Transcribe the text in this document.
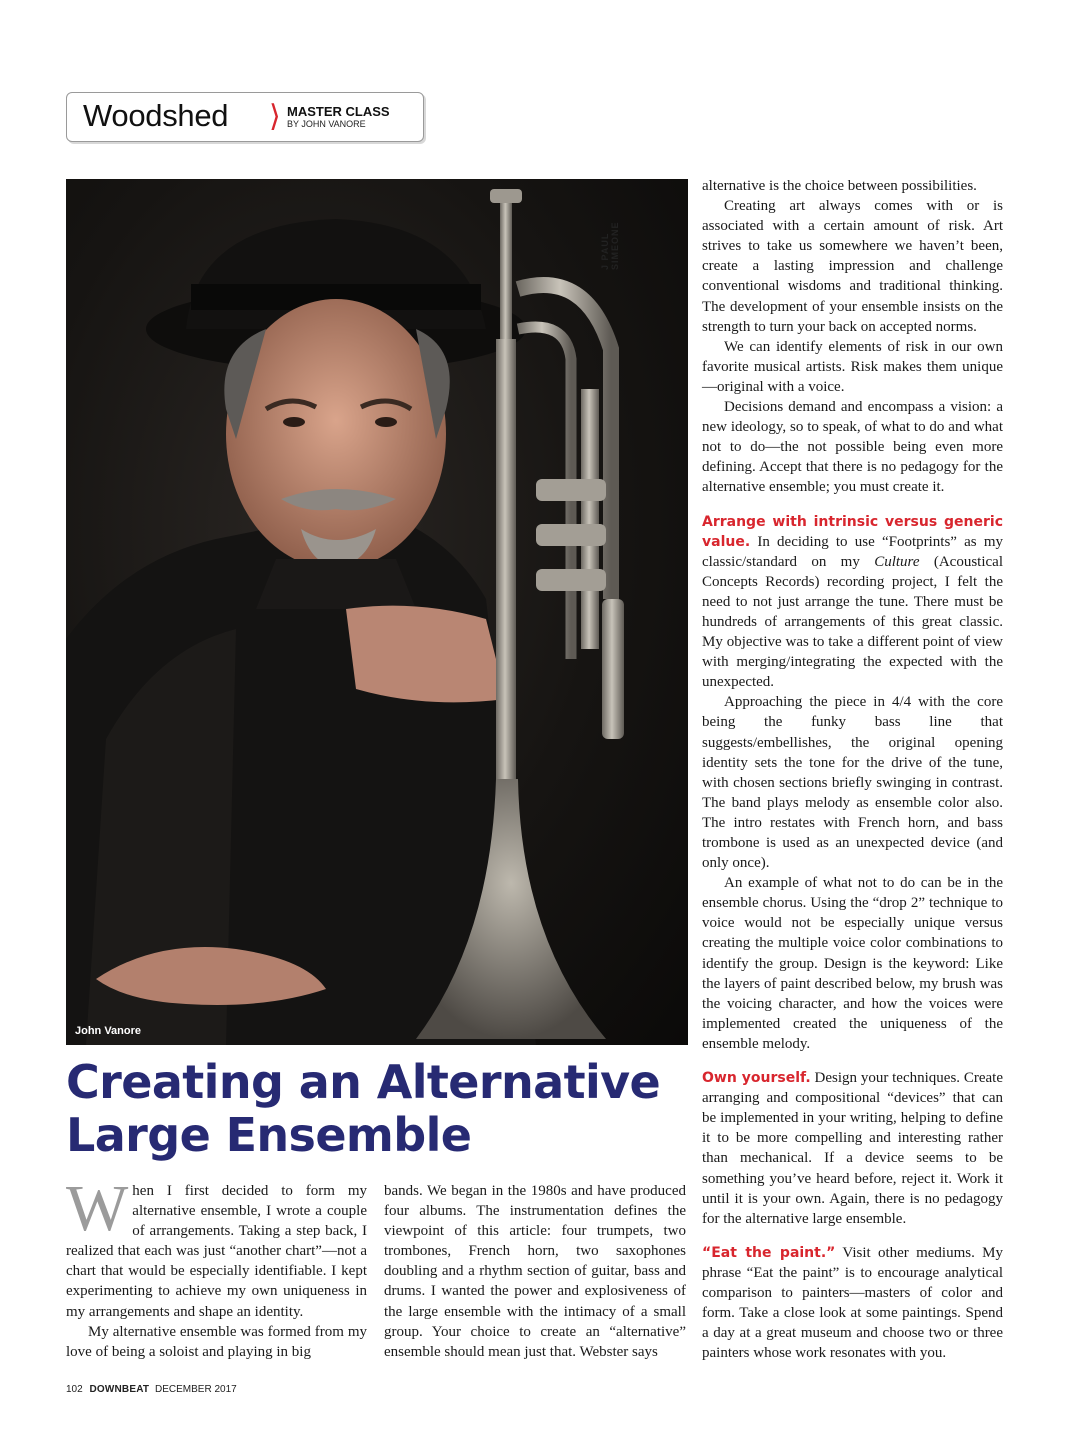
Woodshed ⟩ MASTER CLASS
BY JOHN VANORE
J PAUL SIMEONE
John Vanore
Creating an Alternative Large Ensemble

When I first decided to form my alternative ensemble, I wrote a couple of arrangements. Taking a step back, I realized that each was just “another chart”—not a chart that would be especially identifiable. I kept experimenting to achieve my own uniqueness in my arrangements and shape an identity.

My alternative ensemble was formed from my love of being a soloist and playing in big

bands. We began in the 1980s and have produced four albums. The instrumentation defines the viewpoint of this article: four trumpets, two trombones, French horn, two saxophones doubling and a rhythm section of guitar, bass and drums. I wanted the power and explosiveness of the large ensemble with the intimacy of a small group. Your choice to create an “alternative” ensemble should mean just that. Webster says

alternative is the choice between possibilities.

Creating art always comes with or is associated with a certain amount of risk. Art strives to take us somewhere we haven’t been, create a lasting impression and challenge conventional wisdoms and traditional thinking. The development of your ensemble insists on the strength to turn your back on accepted norms.

We can identify elements of risk in our own favorite musical artists. Risk makes them unique—original with a voice.

Decisions demand and encompass a vision: a new ideology, so to speak, of what to do and what not to do—the not possible being even more defining. Accept that there is no pedagogy for the alternative ensemble; you must create it.

Arrange with intrinsic versus generic value. In deciding to use “Footprints” as my classic/standard on my Culture (Acoustical Concepts Records) recording project, I felt the need to not just arrange the tune. There must be hundreds of arrangements of this great classic. My objective was to take a different point of view with merging/integrating the expected with the unexpected.

Approaching the piece in 4/4 with the core being the funky bass line that suggests/embellishes, the original opening identity sets the tone for the drive of the tune, with chosen sections briefly swinging in contrast. The band plays melody as ensemble color also. The intro restates with French horn, and bass trombone is used as an unexpected device (and only once).

An example of what not to do can be in the ensemble chorus. Using the “drop 2” technique to voice would not be especially unique versus creating the multiple voice color combinations to identify the group. Design is the keyword: Like the layers of paint described below, my brush was the voicing character, and how the voices were implemented created the uniqueness of the ensemble melody.

Own yourself. Design your techniques. Create arranging and compositional “devices” that can be implemented in your writing, helping to define it to be more compelling and interesting rather than mechanical. If a device seems to be something you’ve heard before, reject it. Work it until it is your own. Again, there is no pedagogy for the alternative large ensemble.

“Eat the paint.” Visit other mediums. My phrase “Eat the paint” is to encourage analytical comparison to painters—masters of color and form. Take a close look at some paintings. Spend a day at a great museum and choose two or three painters whose work resonates with you.

102 DOWNBEAT DECEMBER 2017
